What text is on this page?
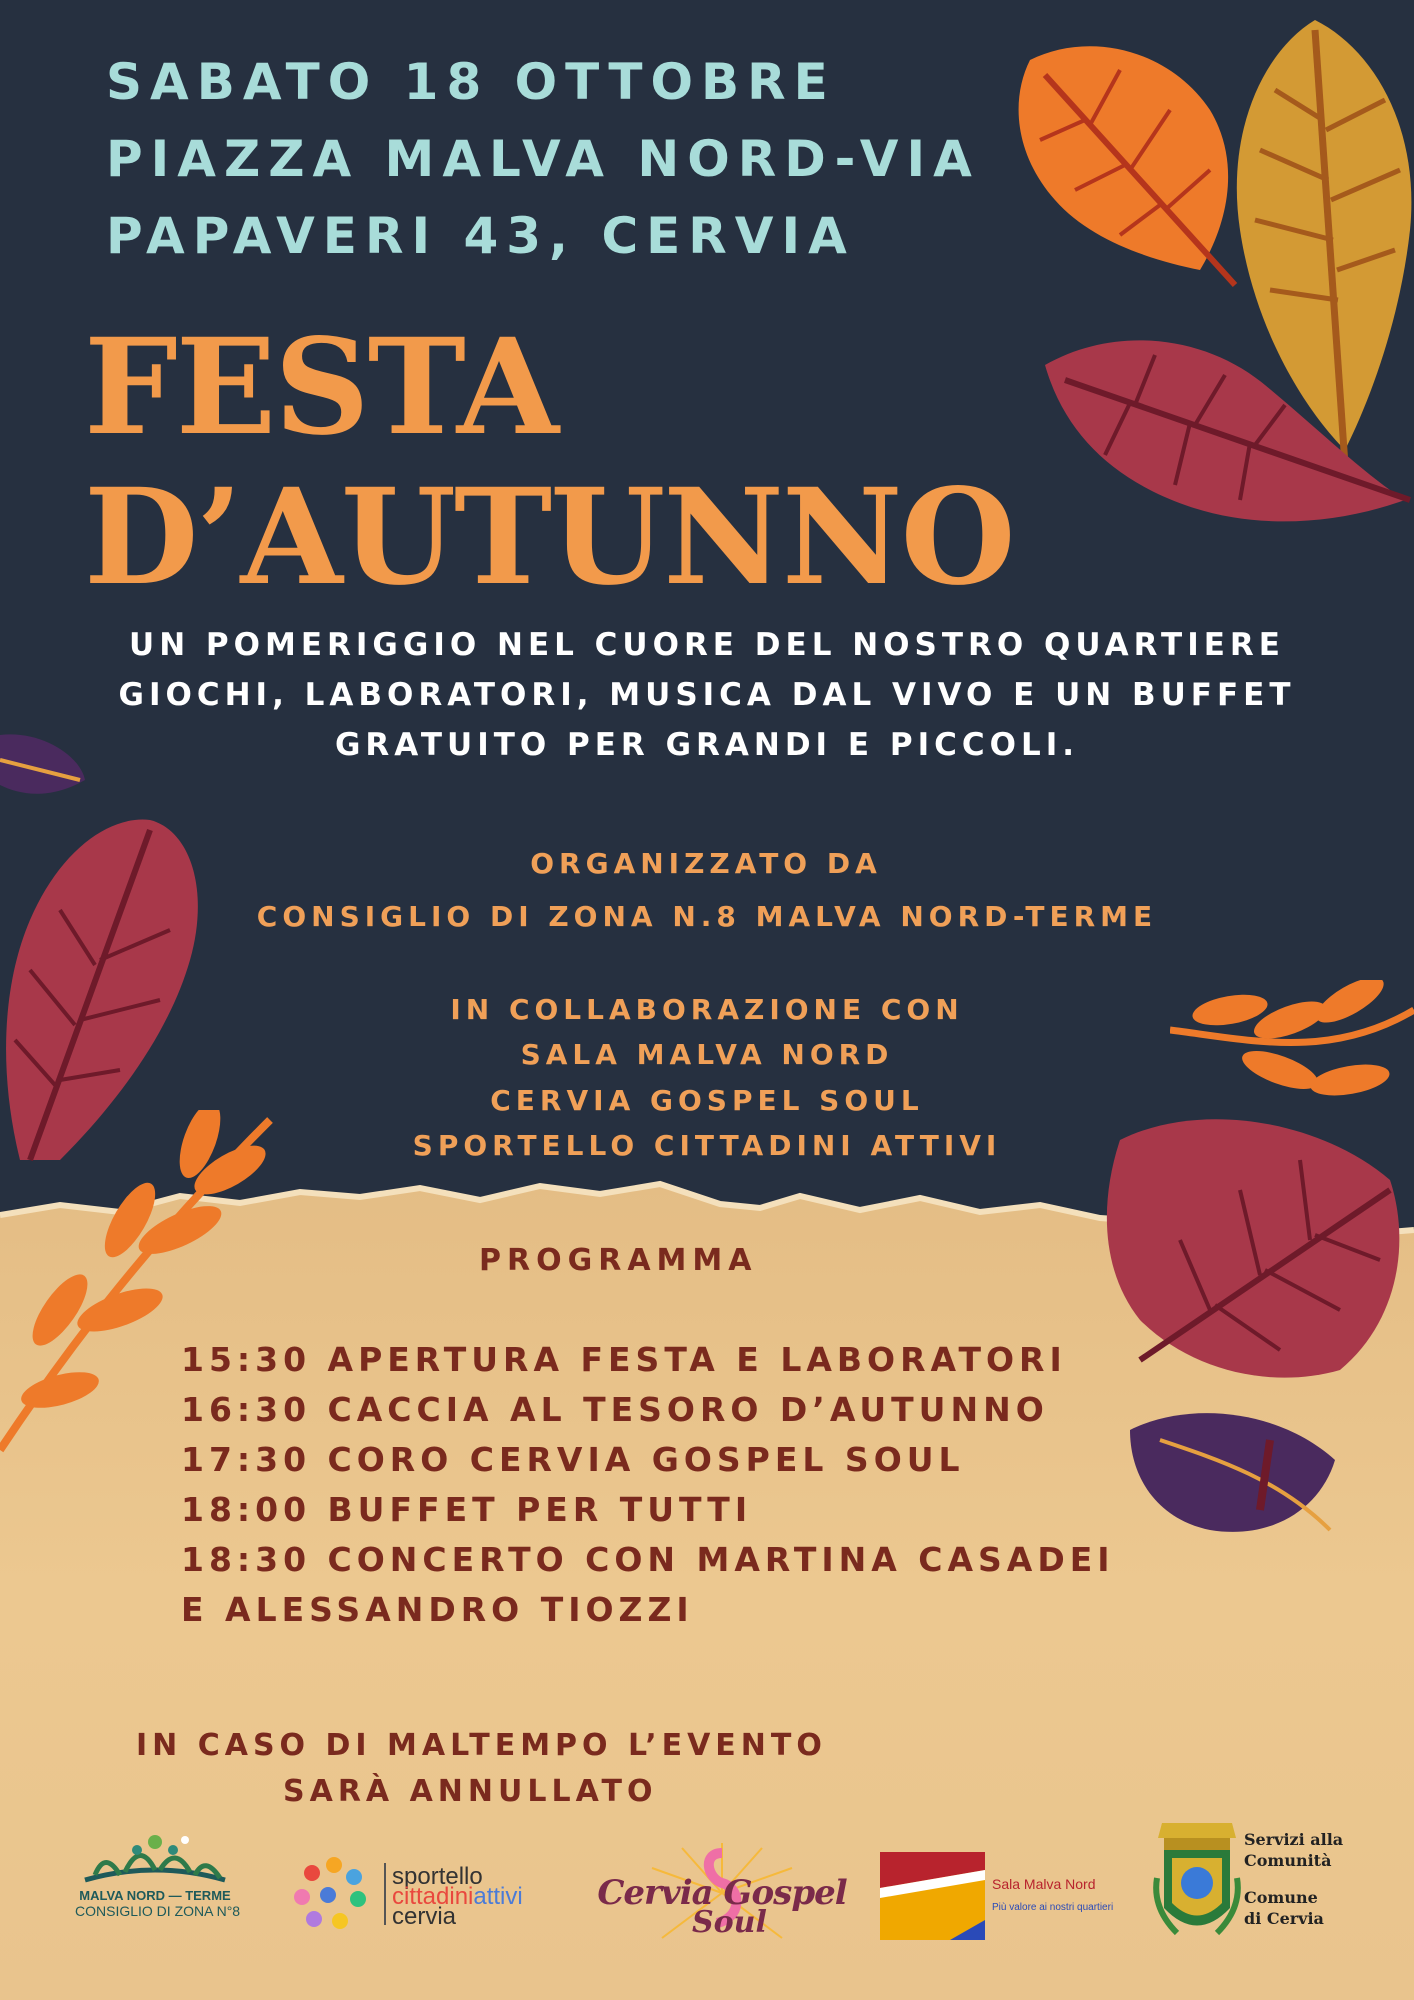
SABATO 18 OTTOBRE

PIAZZA MALVA NORD-VIA

PAPAVERI 43, CERVIA

FESTA

D’AUTUNNO

UN POMERIGGIO NEL CUORE DEL NOSTRO QUARTIERE

GIOCHI, LABORATORI, MUSICA DAL VIVO E UN BUFFET

GRATUITO PER GRANDI E PICCOLI.

ORGANIZZATO DA

CONSIGLIO DI ZONA N.8 MALVA NORD-TERME

IN COLLABORAZIONE CON

SALA MALVA NORD

CERVIA GOSPEL SOUL

SPORTELLO CITTADINI ATTIVI

PROGRAMMA

15:30 APERTURA FESTA E LABORATORI

16:30 CACCIA AL TESORO D’AUTUNNO

17:30 CORO CERVIA GOSPEL SOUL

18:00 BUFFET PER TUTTI

18:30 CONCERTO CON MARTINA CASADEI

E ALESSANDRO TIOZZI

IN CASO DI MALTEMPO L’EVENTO

SARÀ ANNULLATO

MALVA NORD — TERME
CONSIGLIO DI ZONA N°8
sportello
cittadiniattivi
cervia
Cervia Gospel
Soul
Sala Malva Nord
Più valore ai nostri quartieri
Servizi alla
Comunità
Comune
di Cervia
